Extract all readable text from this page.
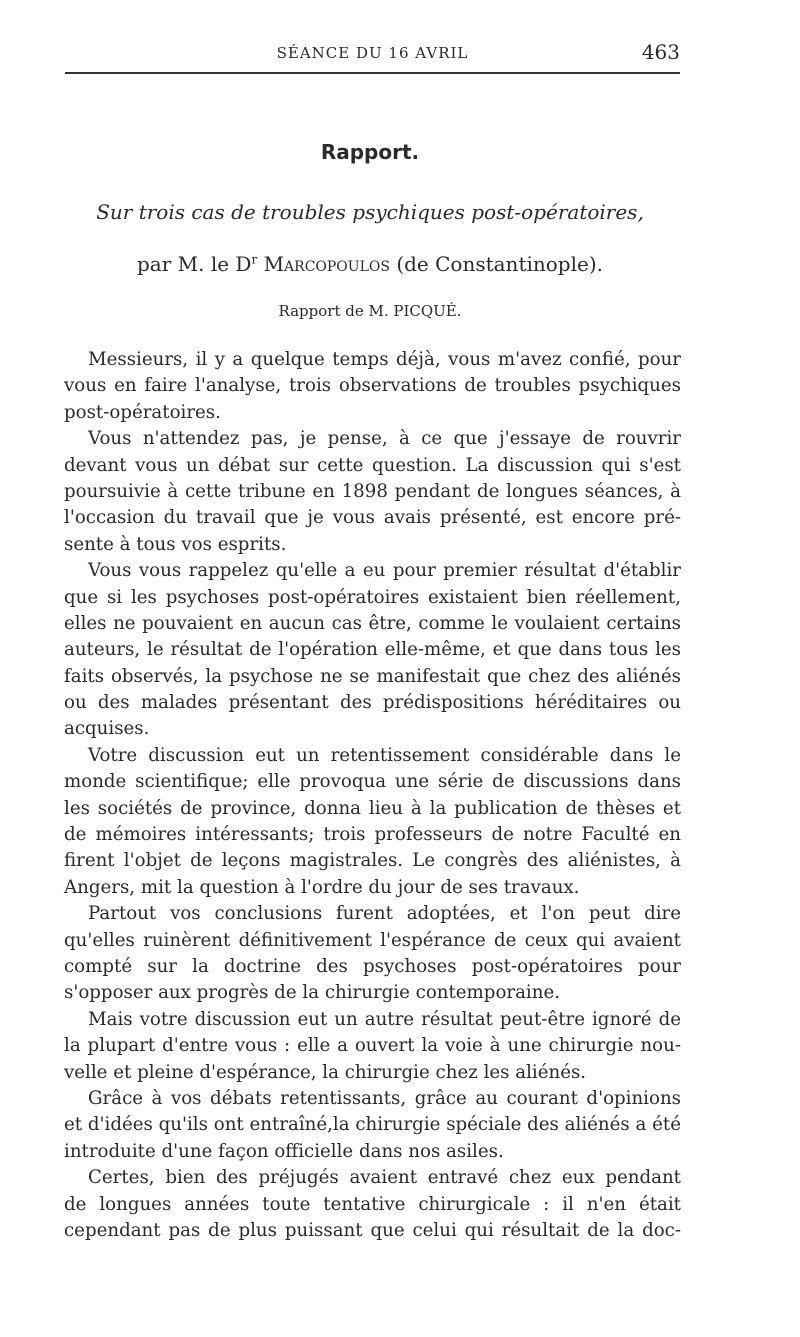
SÉANCE DU 16 AVRIL	463
Rapport.
Sur trois cas de troubles psychiques post-opératoires,
par M. le $D^r$ Marcopoulos (de Constantinople).
Rapport de M. PICQUÉ.
Messieurs, il y a quelque temps déjà, vous m'avez confié, pour
vous en faire l'analyse, trois observations de troubles psychiques
post-opératoires.
Vous n'attendez pas, je pense, à ce que j'essaye de rouvrir
devant vous un débat sur cette question. La discussion qui s'est
poursuivie à cette tribune en 1898 pendant de longues séances, à
l'occasion du travail que je vous avais présenté, est encore pré-
sente à tous vos esprits.
Vous vous rappelez qu'elle a eu pour premier résultat d'établir
que si les psychoses post-opératoires existaient bien réellement,
elles ne pouvaient en aucun cas être, comme le voulaient certains
auteurs, le résultat de l'opération elle-même, et que dans tous les
faits observés, la psychose ne se manifestait que chez des aliénés
ou des malades présentant des prédispositions héréditaires ou
acquises.
Votre discussion eut un retentissement considérable dans le
monde scientifique; elle provoqua une série de discussions dans
les sociétés de province, donna lieu à la publication de thèses et
de mémoires intéressants; trois professeurs de notre Faculté en
firent l'objet de leçons magistrales. Le congrès des aliénistes, à
Angers, mit la question à l'ordre du jour de ses travaux.
Partout vos conclusions furent adoptées, et l'on peut dire
qu'elles ruinèrent définitivement l'espérance de ceux qui avaient
compté sur la doctrine des psychoses post-opératoires pour
s'opposer aux progrès de la chirurgie contemporaine.
Mais votre discussion eut un autre résultat peut-être ignoré de
la plupart d'entre vous : elle a ouvert la voie à une chirurgie nou-
velle et pleine d'espérance, la chirurgie chez les aliénés.
Grâce à vos débats retentissants, grâce au courant d'opinions
et d'idées qu'ils ont entraîné,la chirurgie spéciale des aliénés a été
introduite d'une façon officielle dans nos asiles.
Certes, bien des préjugés avaient entravé chez eux pendant
de longues années toute tentative chirurgicale : il n'en était
cependant pas de plus puissant que celui qui résultait de la doc-
